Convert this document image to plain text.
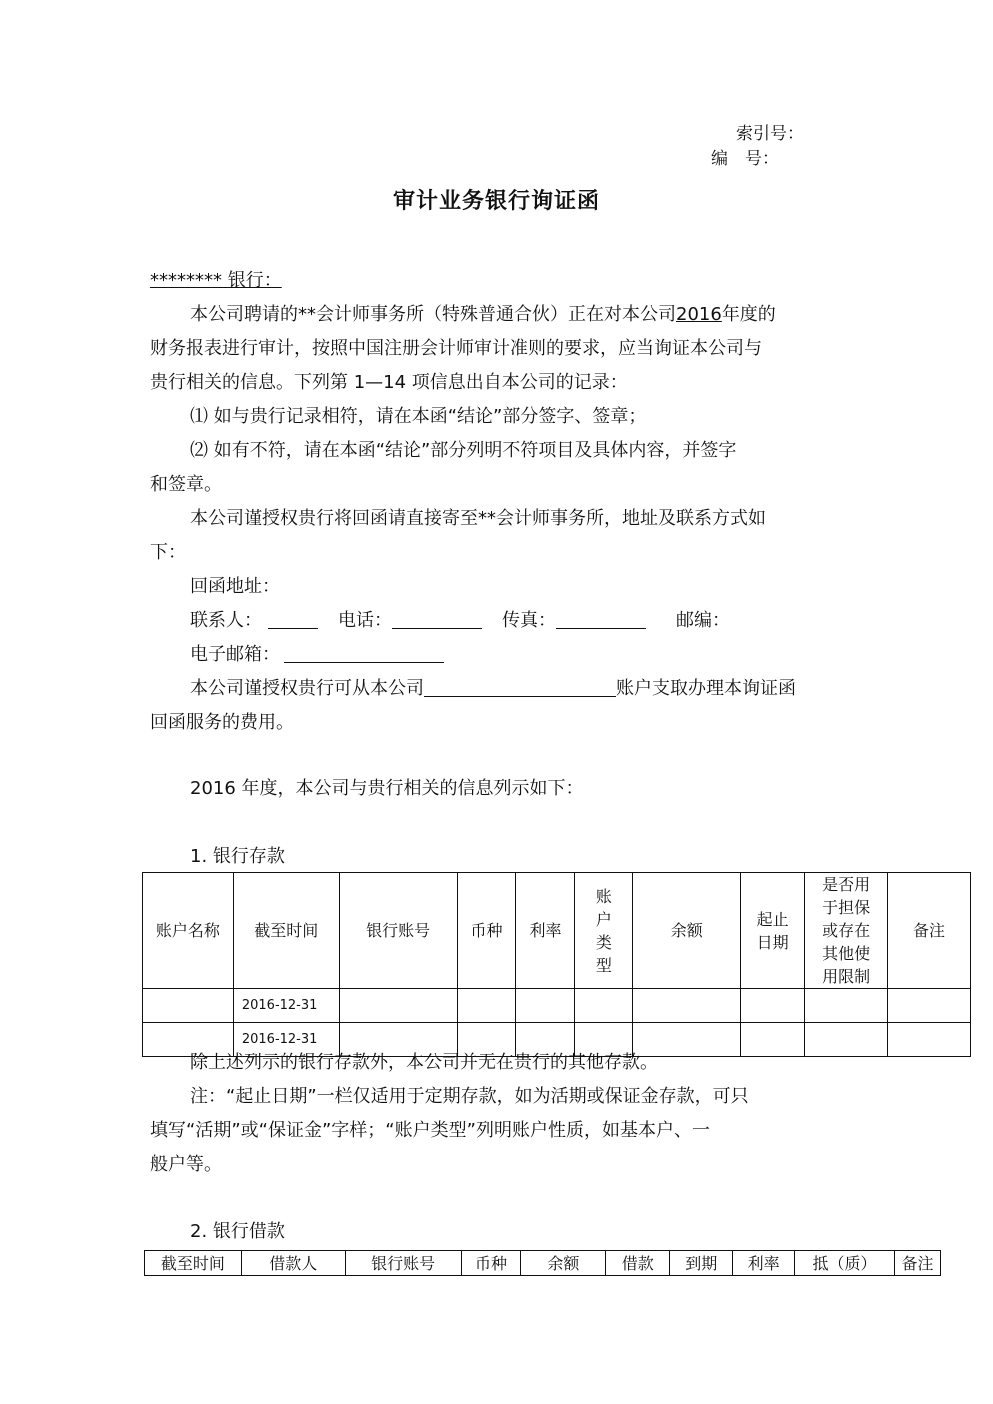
索引号：
编　号：
审计业务银行询证函
******** 银行：
本公司聘请的**会计师事务所（特殊普通合伙）正在对本公司2016年度的
财务报表进行审计，按照中国注册会计师审计准则的要求，应当询证本公司与
贵行相关的信息。下列第 1—14 项信息出自本公司的记录：
⑴ 如与贵行记录相符，请在本函“结论”部分签字、签章；
⑵ 如有不符，请在本函“结论”部分列明不符项目及具体内容，并签字
和签章。
本公司谨授权贵行将回函请直接寄至**会计师事务所，地址及联系方式如
下：
回函地址：
联系人：	电话：	传真：	邮编：
电子邮箱：
本公司谨授权贵行可从本公司	账户支取办理本询证函
回函服务的费用。
2016 年度，本公司与贵行相关的信息列示如下：
1. 银行存款
账户名称	截至时间	银行账号	币种	利率	账户类型	余额	起止日期	是否用于担保或存在其他使用限制	备注
	2016-12-31								
	2016-12-31								
除上述列示的银行存款外，本公司并无在贵行的其他存款。
注：“起止日期”一栏仅适用于定期存款，如为活期或保证金存款，可只
填写“活期”或“保证金”字样；“账户类型”列明账户性质，如基本户、一
般户等。
2. 银行借款
截至时间	借款人	银行账号	币种	余额	借款	到期	利率	抵（质）	备注
